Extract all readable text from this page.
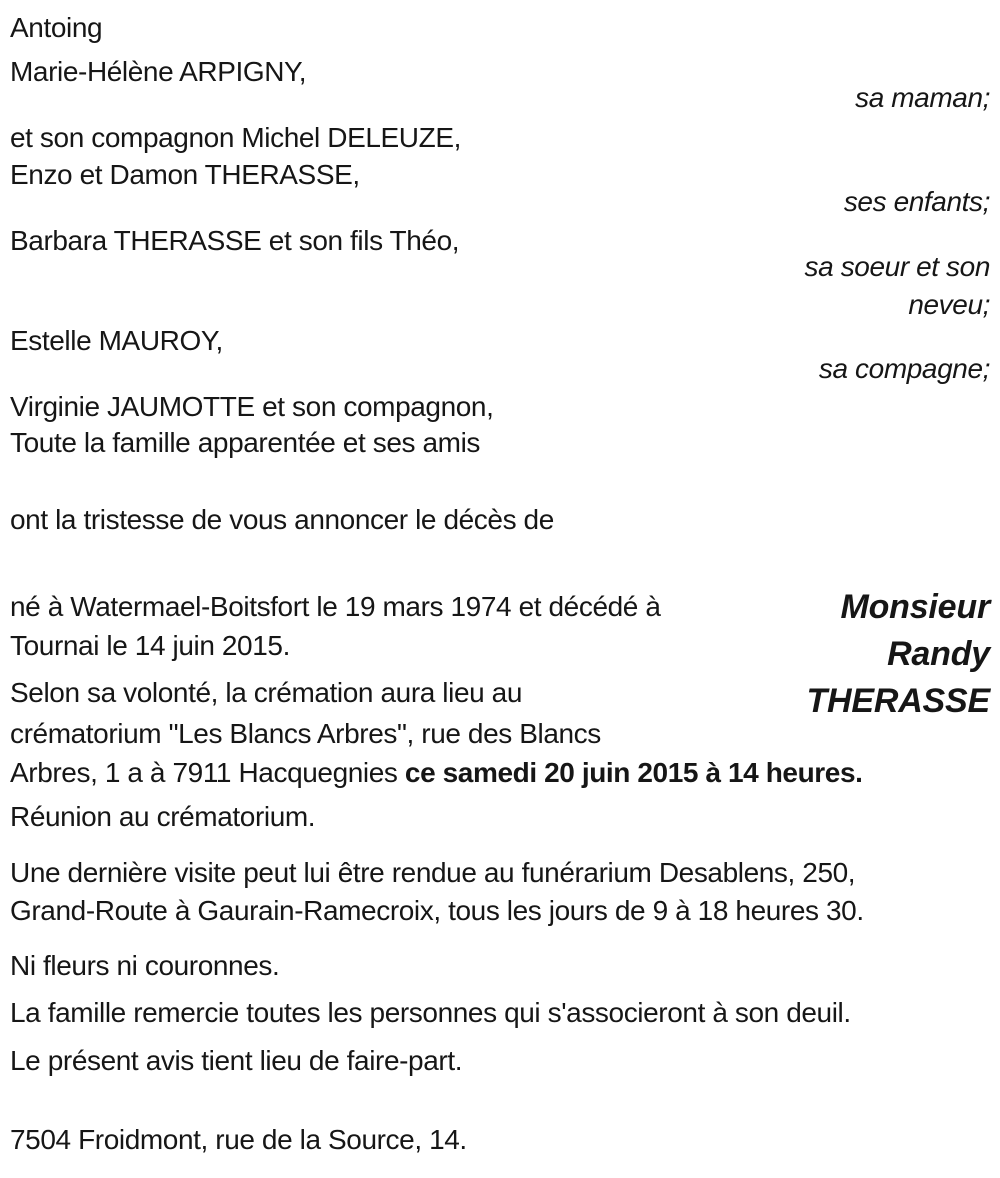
Antoing
Marie-Hélène ARPIGNY,
sa maman;
et son compagnon Michel DELEUZE,
Enzo et Damon THERASSE,
ses enfants;
Barbara THERASSE et son fils Théo,
sa soeur et son
neveu;
Estelle MAUROY,
sa compagne;
Virginie JAUMOTTE et son compagnon,
Toute la famille apparentée et ses amis
ont la tristesse de vous annoncer le décès de
Monsieur
Randy
THERASSE
né à Watermael-Boitsfort le 19 mars 1974 et décédé à
Tournai le 14 juin 2015.
Selon sa volonté, la crémation aura lieu au
crématorium "Les Blancs Arbres", rue des Blancs
Arbres, 1 a à 7911 Hacquegnies ce samedi 20 juin 2015 à 14 heures.
Réunion au crématorium.
Une dernière visite peut lui être rendue au funérarium Desablens, 250,
Grand-Route à Gaurain-Ramecroix, tous les jours de 9 à 18 heures 30.
Ni fleurs ni couronnes.
La famille remercie toutes les personnes qui s'associeront à son deuil.
Le présent avis tient lieu de faire-part.
7504 Froidmont, rue de la Source, 14.
